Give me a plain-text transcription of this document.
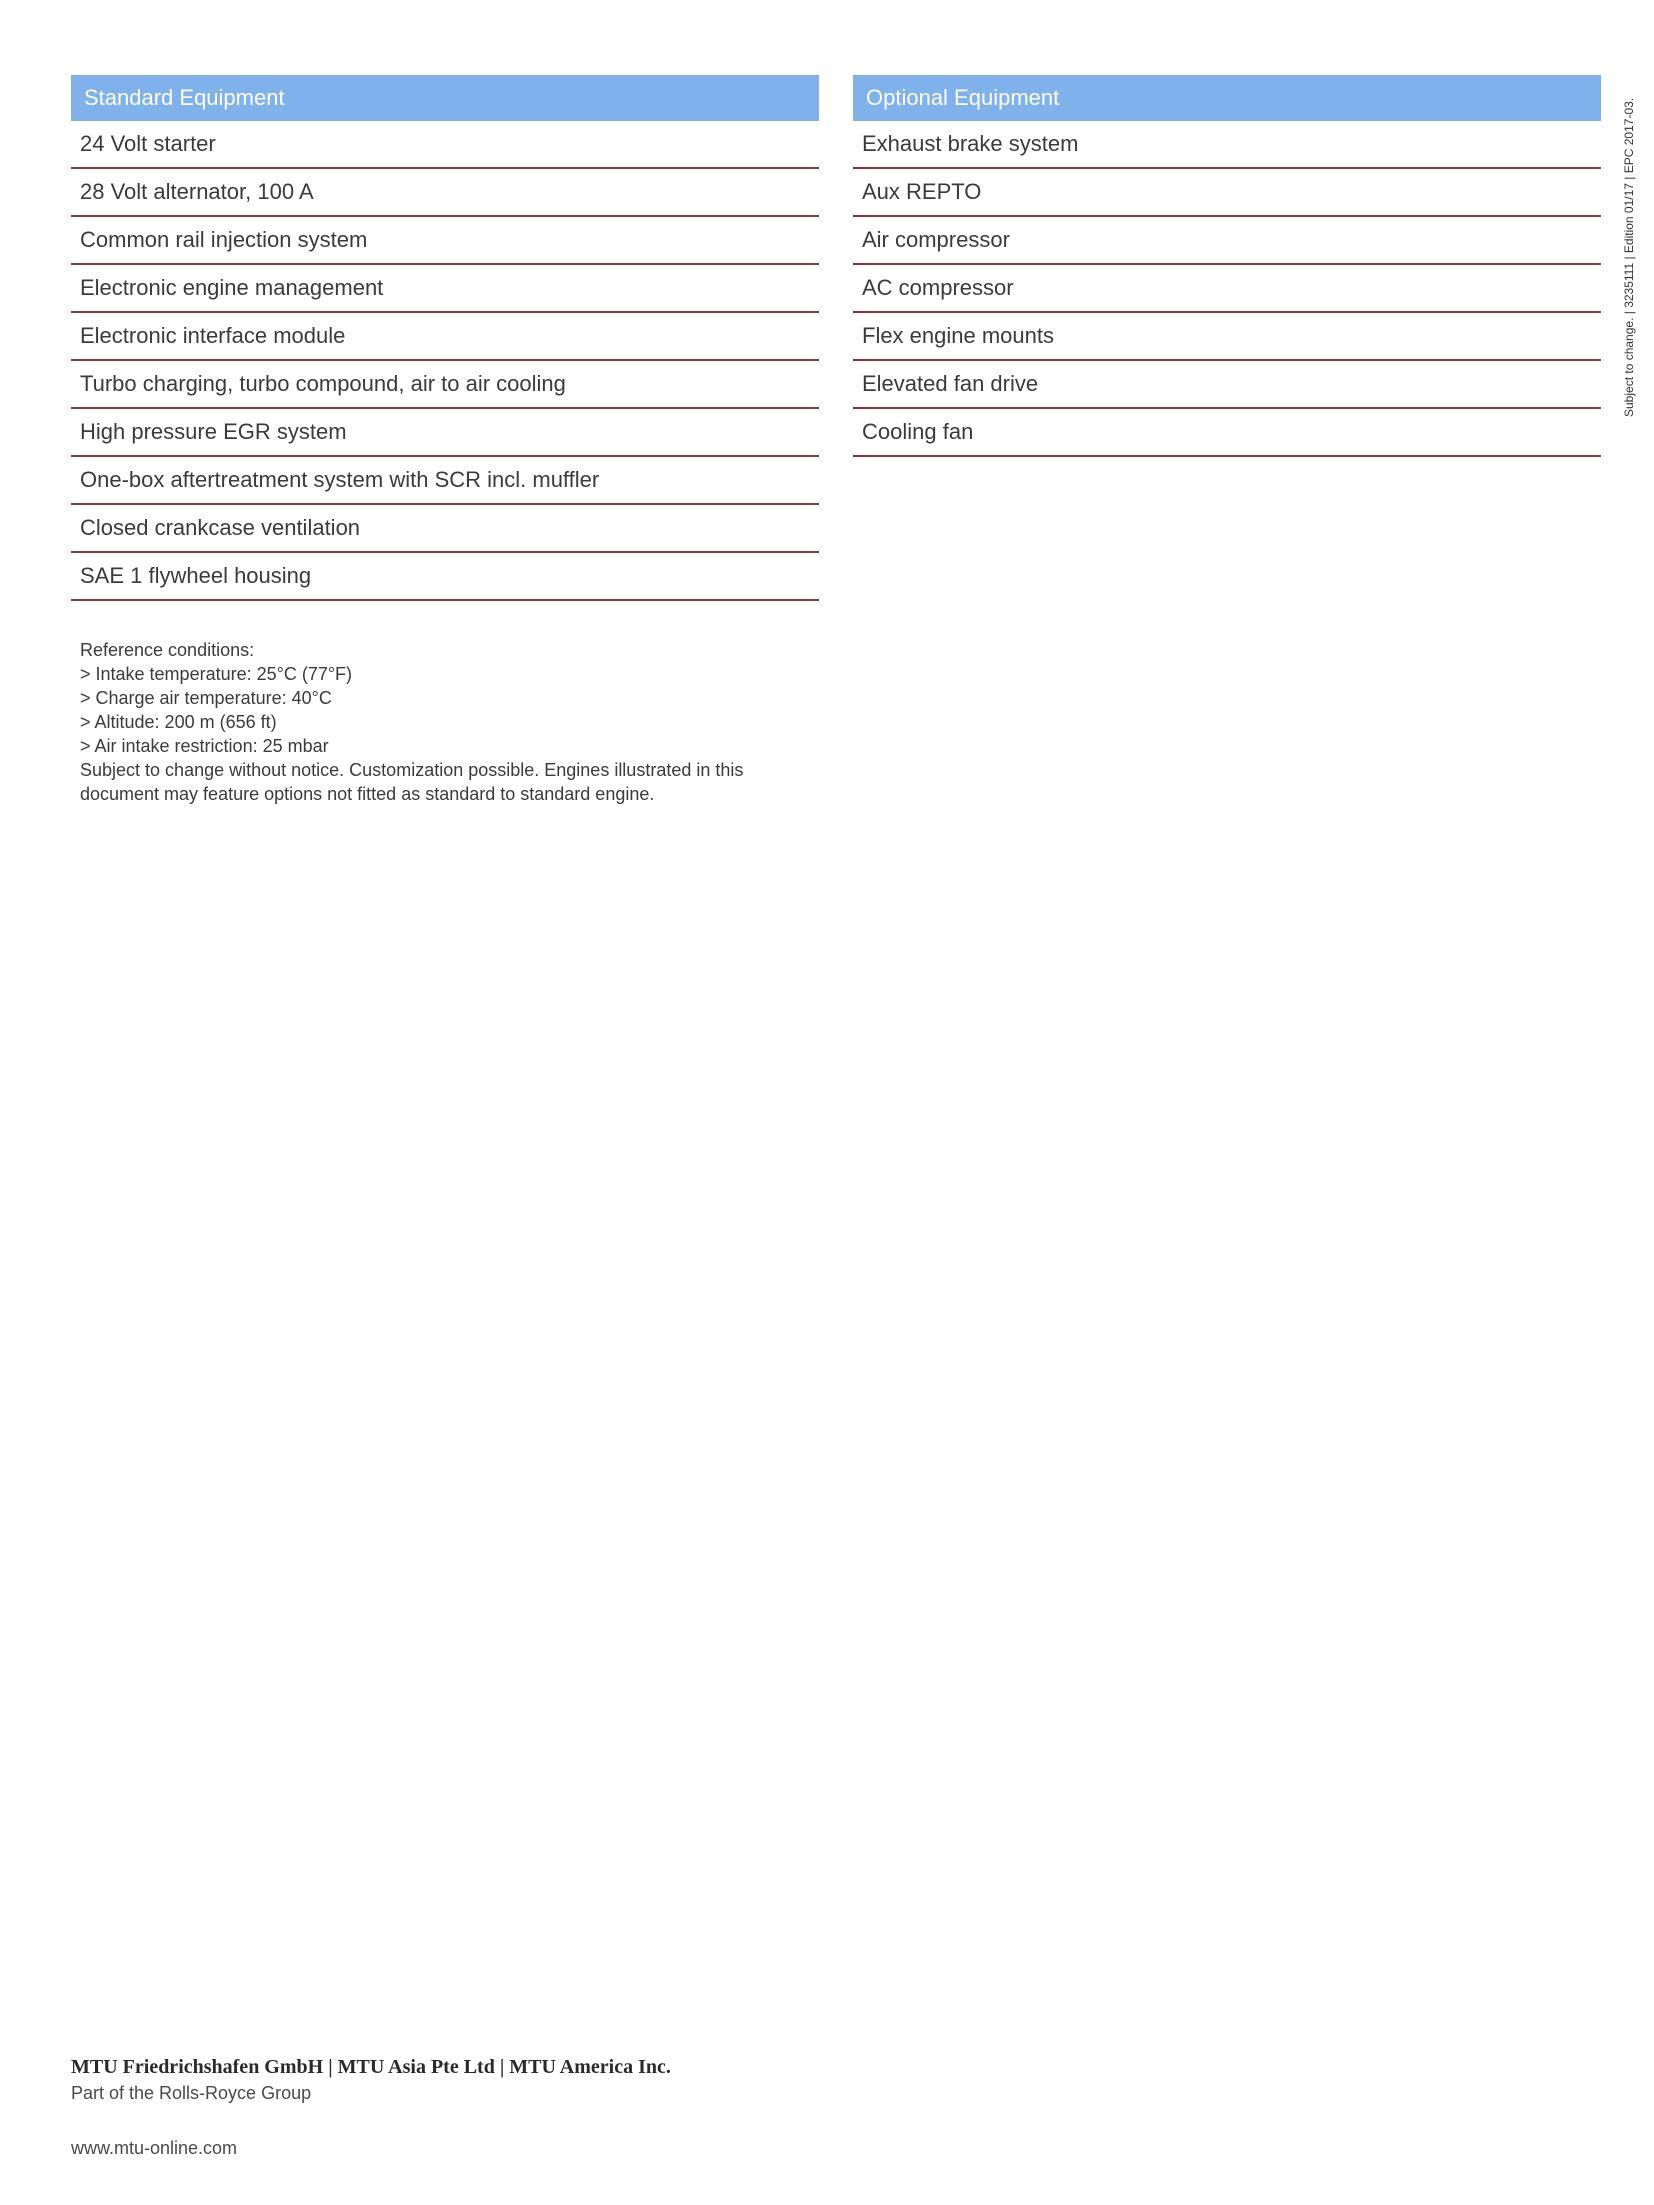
Standard Equipment
24 Volt starter
28 Volt alternator, 100 A
Common rail injection system
Electronic engine management
Electronic interface module
Turbo charging, turbo compound, air to air cooling
High pressure EGR system
One-box aftertreatment system with SCR incl. muffler
Closed crankcase ventilation
SAE 1 flywheel housing
Optional Equipment
Exhaust brake system
Aux REPTO
Air compressor
AC compressor
Flex engine mounts
Elevated fan drive
Cooling fan
Reference conditions:
> Intake temperature: 25°C (77°F)
> Charge air temperature: 40°C
> Altitude: 200 m (656 ft)
> Air intake restriction: 25 mbar
Subject to change without notice. Customization possible. Engines illustrated in this
document may feature options not fitted as standard to standard engine.
Subject to change. | 3235111 | Edition 01/17 | EPC 2017-03.
MTU Friedrichshafen GmbH | MTU Asia Pte Ltd | MTU America Inc.
Part of the Rolls-Royce Group
www.mtu-online.com
